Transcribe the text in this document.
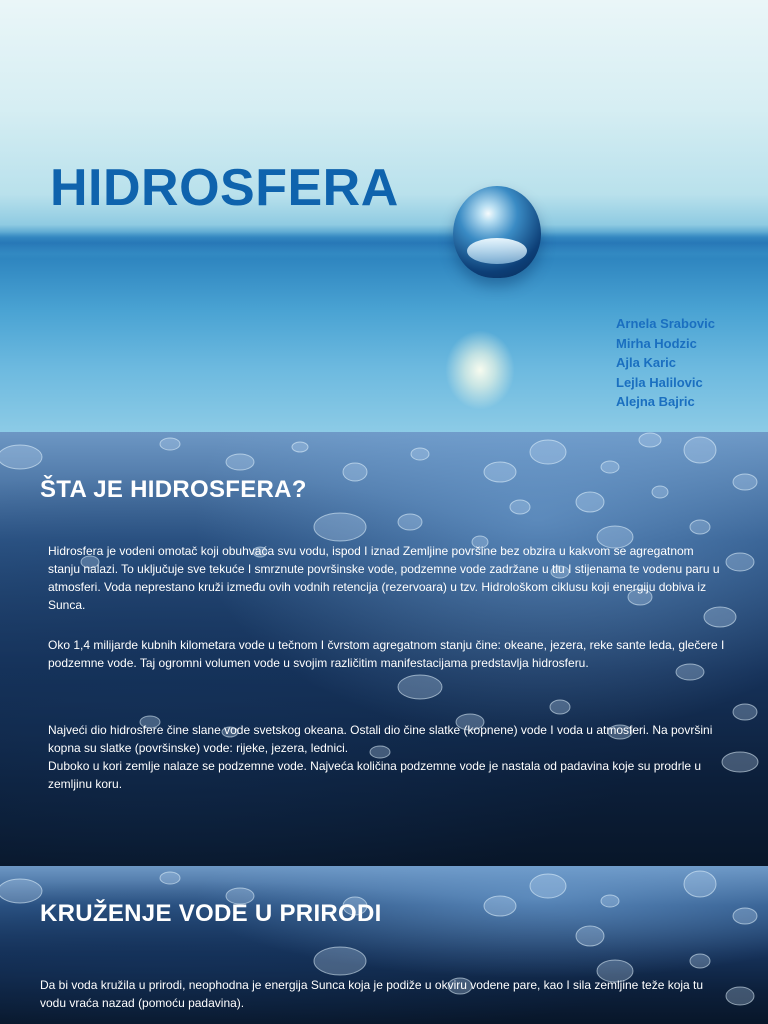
HIDROSFERA
Arnela Srabovic
Mirha Hodzic
Ajla Karic
Lejla Halilovic
Alejna Bajric
ŠTA JE HIDROSFERA?

Hidrosfera je vodeni omotač koji obuhvaća svu vodu, ispod I iznad Zemljine površine bez obzira u kakvom se agregatnom stanju nalazi. To uključuje sve tekuće I smrznute površinske vode, podzemne vode zadržane u tlu I stijenama te vodenu paru u atmosferi. Voda neprestano kruži između ovih vodnih retencija (rezervoara) u tzv. Hidrološkom ciklusu koji energiju dobiva iz Sunca.

Oko 1,4 milijarde kubnih kilometara vode u tečnom I čvrstom agregatnom stanju čine: okeane, jezera, reke sante leda, glečere I podzemne vode. Taj ogromni volumen vode u svojim različitim manifestacijama predstavlja hidrosferu.

Najveći dio hidrosfere čine slane vode svetskog okeana. Ostali dio čine slatke (kopnene) vode I voda u atmosferi. Na površini kopna su slatke (površinske) vode: rijeke, jezera, lednici.

Duboko u kori zemlje nalaze se podzemne vode. Najveća količina podzemne vode je nastala od padavina koje su prodrle u zemljinu koru.

KRUŽENJE VODE U PRIRODI

Da bi voda kružila u prirodi, neophodna je energija Sunca koja je podiže u okviru vodene pare, kao I sila zemljine teže koja tu vodu vraća nazad (pomoću padavina).
